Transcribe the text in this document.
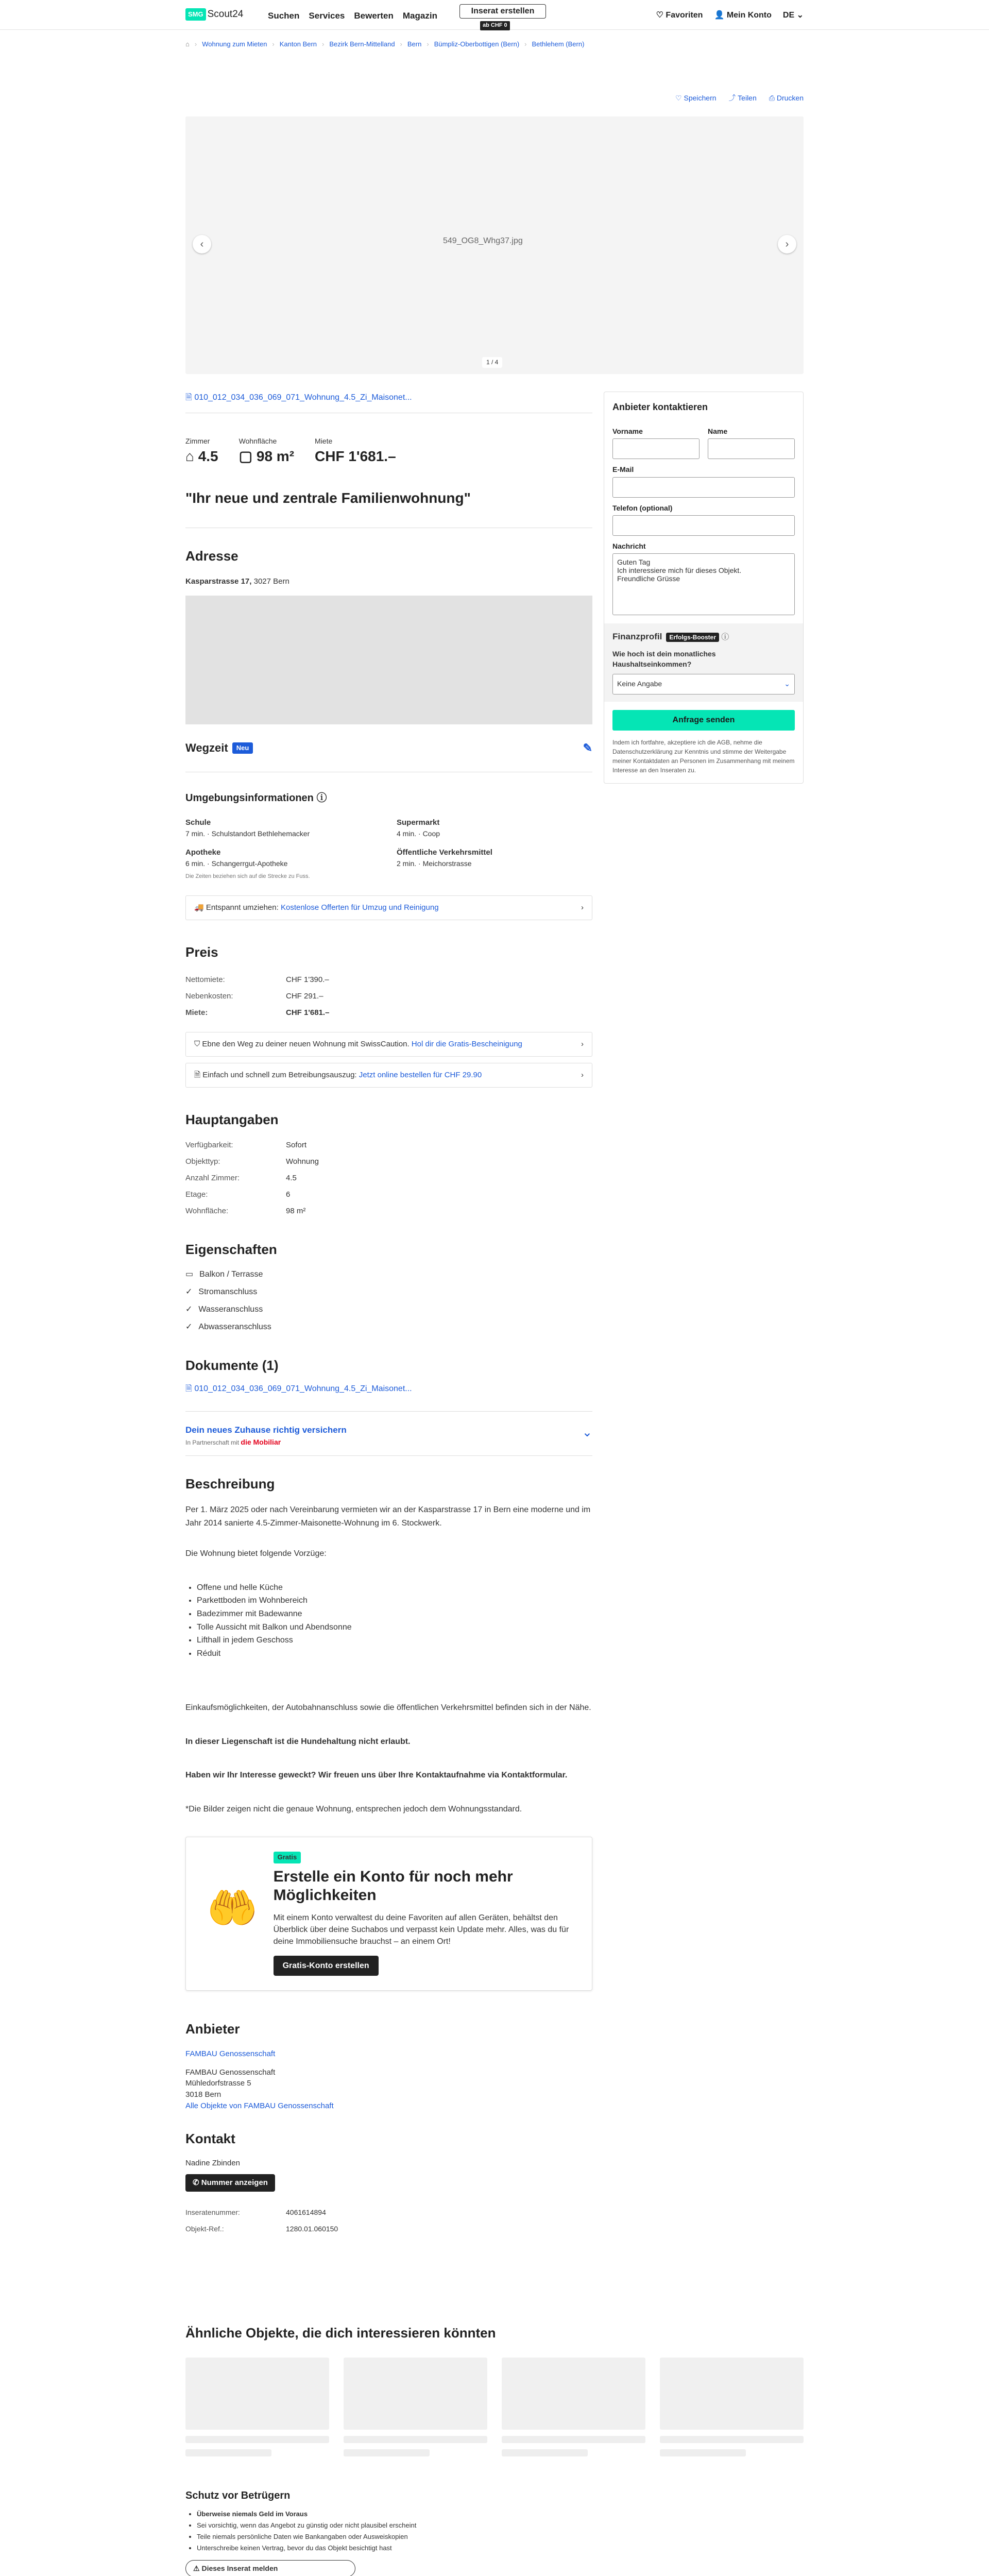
SMG Scout24	Suchen Services Bewerten Magazin	Inserat erstellen
ab CHF 0
♡ Favoriten 👤 Mein Konto DE ⌄
⌂ › Wohnung zum Mieten › Kanton Bern › Bezirk Bern-Mittelland › Bern › Bümpliz-Oberbottigen (Bern) › Bethlehem (Bern)
♡ Speichern ⤴ Teilen ⎙ Drucken
‹	549_OG8_Whg37.jpg	›
1 / 4
🗎 010_012_034_036_069_071_Wohnung_4.5_Zi_Maisonet...
Zimmer
⌂ 4.5
Wohnfläche
▢ 98 m²
Miete
CHF 1'681.–
"Ihr neue und zentrale Familienwohnung"
Adresse
Kasparstrasse 17, 3027 Bern
Wegzeit	Neu	✎
Umgebungsinformationen ⓘ
Schule
7 min. · Schulstandort Bethlehemacker
Supermarkt
4 min. · Coop
Apotheke
6 min. · Schangerrgut-Apotheke
Öffentliche Verkehrsmittel
2 min. · Meichorstrasse
Die Zeiten beziehen sich auf die Strecke zu Fuss.
🚚 Entspannt umziehen: Kostenlose Offerten für Umzug und Reinigung	›
Preis
Nettomiete:	CHF 1'390.–
Nebenkosten:	CHF 291.–
Miete:	CHF 1'681.–
⛉ Ebne den Weg zu deiner neuen Wohnung mit SwissCaution. Hol dir die Gratis-Bescheinigung	›
🗎 Einfach und schnell zum Betreibungsauszug: Jetzt online bestellen für CHF 29.90	›
Hauptangaben
Verfügbarkeit:	Sofort
Objekttyp:	Wohnung
Anzahl Zimmer:	4.5
Etage:	6
Wohnfläche:	98 m²
Eigenschaften
▭ Balkon / Terrasse
✓ Stromanschluss
✓ Wasseranschluss
✓ Abwasseranschluss
Dokumente (1)
🗎 010_012_034_036_069_071_Wohnung_4.5_Zi_Maisonet...
Dein neues Zuhause richtig versichern
In Partnerschaft mit die Mobiliar
⌄
Beschreibung

Per 1. März 2025 oder nach Vereinbarung vermieten wir an der Kasparstrasse 17 in Bern eine moderne und im Jahr 2014 sanierte 4.5-Zimmer-Maisonette-Wohnung im 6. Stockwerk.

Die Wohnung bietet folgende Vorzüge:

• Offene und helle Küche
• Parkettboden im Wohnbereich
• Badezimmer mit Badewanne
• Tolle Aussicht mit Balkon und Abendsonne
• Lifthall in jedem Geschoss
• Réduit

Einkaufsmöglichkeiten, der Autobahnanschluss sowie die öffentlichen Verkehrsmittel befinden sich in der Nähe.

In dieser Liegenschaft ist die Hundehaltung nicht erlaubt.

Haben wir Ihr Interesse geweckt? Wir freuen uns über Ihre Kontaktaufnahme via Kontaktformular.

*Die Bilder zeigen nicht die genaue Wohnung, entsprechen jedoch dem Wohnungsstandard.

🤲
Gratis
Erstelle ein Konto für noch mehr Möglichkeiten

Mit einem Konto verwaltest du deine Favoriten auf allen Geräten, behältst den Überblick über deine Suchabos und verpasst kein Update mehr. Alles, was du für deine Immobiliensuche brauchst – an einem Ort!

Gratis-Konto erstellen
Anbieter
FAMBAU Genossenschaft
FAMBAU Genossenschaft
Mühledorfstrasse 5
3018 Bern
Alle Objekte von FAMBAU Genossenschaft
Kontakt
Nadine Zbinden
✆ Nummer anzeigen
Inseratenummer:	4061614894
Objekt-Ref.:	1280.01.060150
Anbieter kontaktieren
Vorname	Name
E-Mail
Telefon (optional)
Nachricht
Guten Tag Ich interessiere mich für dieses Objekt. Freundliche Grüsse
Finanzprofil Erfolgs-Booster ⓘ
Wie hoch ist dein monatliches Haushaltseinkommen?
Keine Angabe	⌄
Anfrage senden

Indem ich fortfahre, akzeptiere ich die AGB, nehme die Datenschutzerklärung zur Kenntnis und stimme der Weitergabe meiner Kontaktdaten an Personen im Zusammenhang mit meinem Interesse an den Inseraten zu.

Ähnliche Objekte, die dich interessieren könnten
Schutz vor Betrügern
• Überweise niemals Geld im Voraus
• Sei vorsichtig, wenn das Angebot zu günstig oder nicht plausibel erscheint
• Teile niemals persönliche Daten wie Bankangaben oder Ausweiskopien
• Unterschreibe keinen Vertrag, bevor du das Objekt besichtigt hast
⚠ Dieses Inserat melden
